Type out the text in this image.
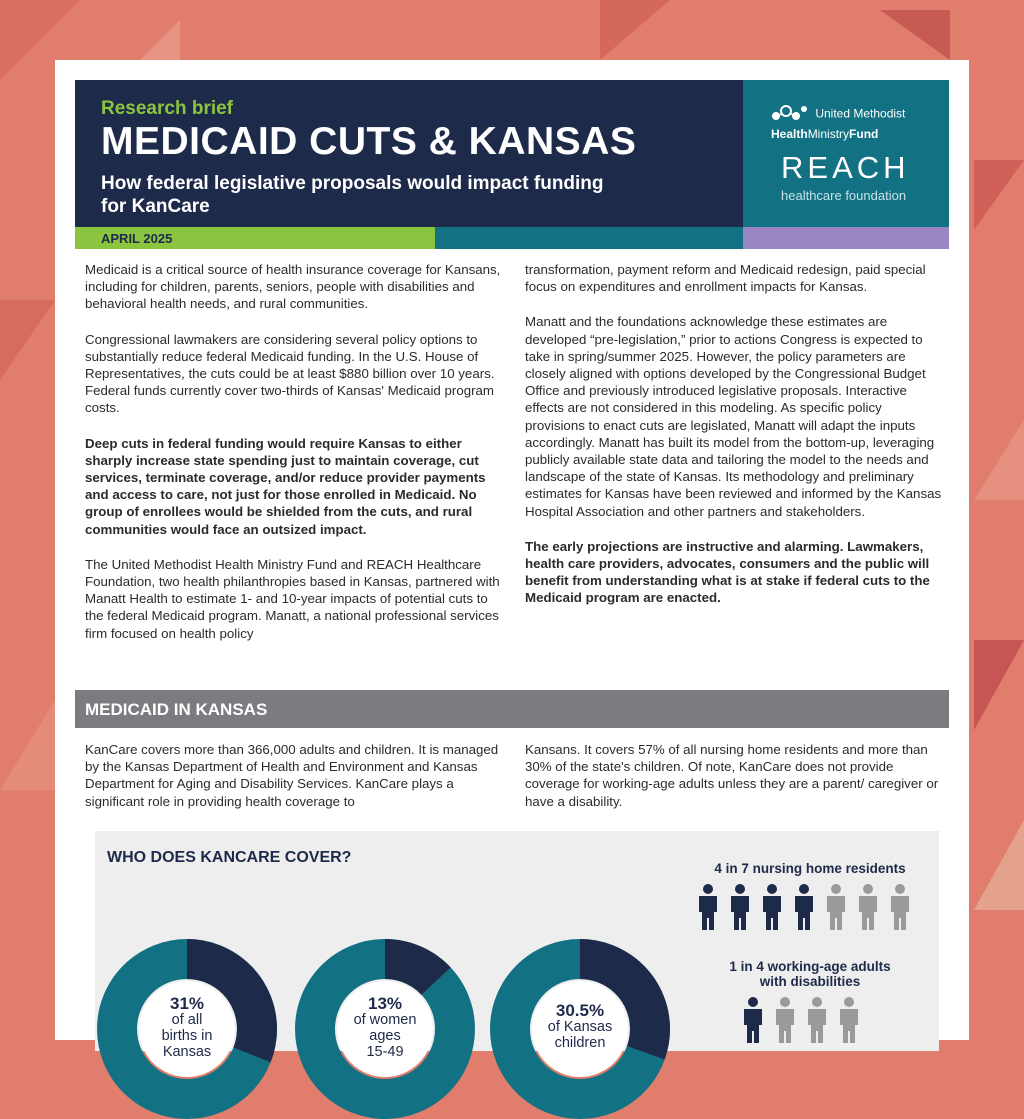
Research brief
MEDICAID CUTS & KANSAS
How federal legislative proposals would impact funding for KanCare
United Methodist
HealthMinistryFund
REACH
healthcare foundation
APRIL 2025

Medicaid is a critical source of health insurance coverage for Kansans, including for children, parents, seniors, people with disabilities and behavioral health needs, and rural communities.

Congressional lawmakers are considering several policy options to substantially reduce federal Medicaid funding. In the U.S. House of Representatives, the cuts could be at least $880 billion over 10 years. Federal funds currently cover two-thirds of Kansas' Medicaid program costs.

Deep cuts in federal funding would require Kansas to either sharply increase state spending just to maintain coverage, cut services, terminate coverage, and/or reduce provider payments and access to care, not just for those enrolled in Medicaid. No group of enrollees would be shielded from the cuts, and rural communities would face an outsized impact.

The United Methodist Health Ministry Fund and REACH Healthcare Foundation, two health philanthropies based in Kansas, partnered with Manatt Health to estimate 1- and 10-year impacts of potential cuts to the federal Medicaid program. Manatt, a national professional services firm focused on health policy

transformation, payment reform and Medicaid redesign, paid special focus on expenditures and enrollment impacts for Kansas.

Manatt and the foundations acknowledge these estimates are developed “pre-legislation,” prior to actions Congress is expected to take in spring/summer 2025. However, the policy parameters are closely aligned with options developed by the Congressional Budget Office and previously introduced legislative proposals. Interactive effects are not considered in this modeling. As specific policy provisions to enact cuts are legislated, Manatt will adapt the inputs accordingly. Manatt has built its model from the bottom-up, leveraging publicly available state data and tailoring the model to the needs and landscape of the state of Kansas. Its methodology and preliminary estimates for Kansas have been reviewed and informed by the Kansas Hospital Association and other partners and stakeholders.

The early projections are instructive and alarming. Lawmakers, health care providers, advocates, consumers and the public will benefit from understanding what is at stake if federal cuts to the Medicaid program are enacted.

MEDICAID IN KANSAS

KanCare covers more than 366,000 adults and children. It is managed by the Kansas Department of Health and Environment and Kansas Department for Aging and Disability Services. KanCare plays a significant role in providing health coverage to

Kansans. It covers 57% of all nursing home residents and more than 30% of the state's children. Of note, KanCare does not provide coverage for working-age adults unless they are a parent/ caregiver or have a disability.

WHO DOES KANCARE COVER?
31%
of all
births in
Kansas
13%
of women
ages
15-49
30.5%
of Kansas
children
4 in 7 nursing home residents
1 in 4 working-age adults
with disabilities
